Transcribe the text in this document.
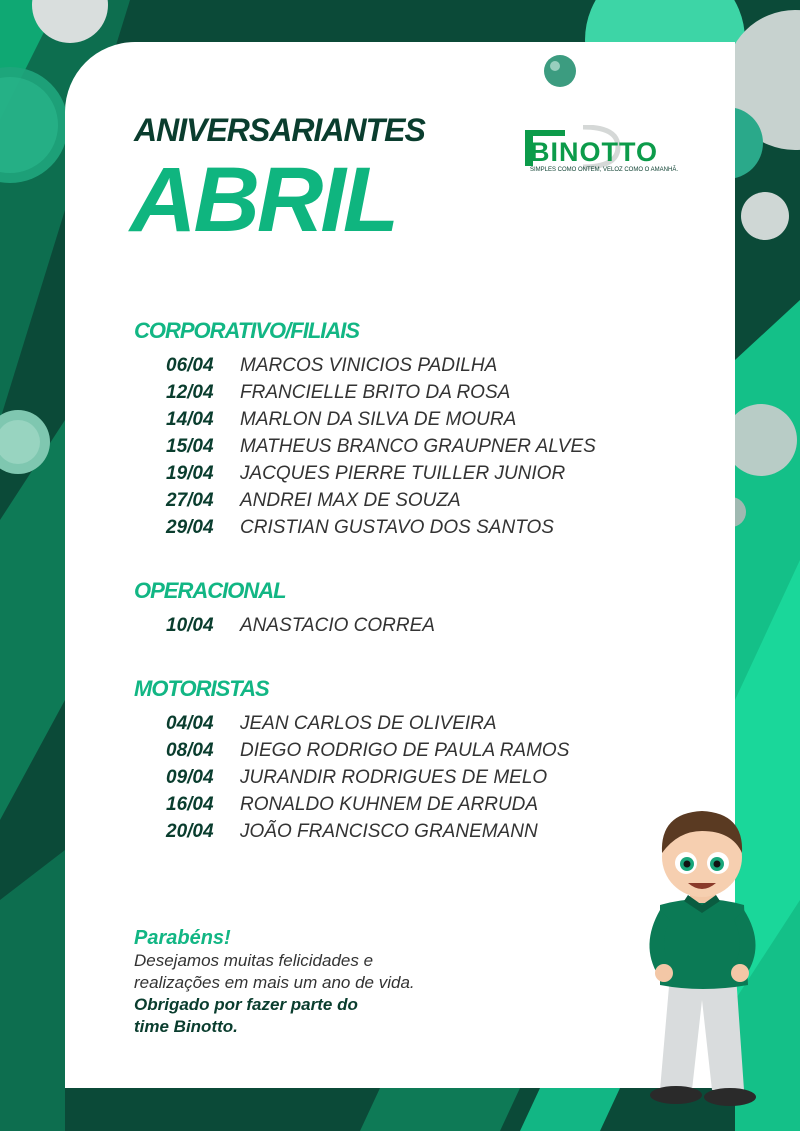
ANIVERSARIANTES
ABRIL	BINOTTO
SIMPLES COMO ONTEM, VELOZ COMO O AMANHÃ.
CORPORATIVO/FILIAIS
06/04	MARCOS VINICIOS PADILHA
12/04	FRANCIELLE BRITO DA ROSA
14/04	MARLON DA SILVA DE MOURA
15/04	MATHEUS BRANCO GRAUPNER ALVES
19/04	JACQUES PIERRE TUILLER JUNIOR
27/04	ANDREI MAX DE SOUZA
29/04	CRISTIAN GUSTAVO DOS SANTOS
OPERACIONAL
10/04	ANASTACIO CORREA
MOTORISTAS
04/04	JEAN CARLOS DE OLIVEIRA
08/04	DIEGO RODRIGO DE PAULA RAMOS
09/04	JURANDIR RODRIGUES DE MELO
16/04	RONALDO KUHNEM DE ARRUDA
20/04	JOÃO FRANCISCO GRANEMANN
Parabéns!
Desejamos muitas felicidades e
realizações em mais um ano de vida.
Obrigado por fazer parte do
time Binotto.
